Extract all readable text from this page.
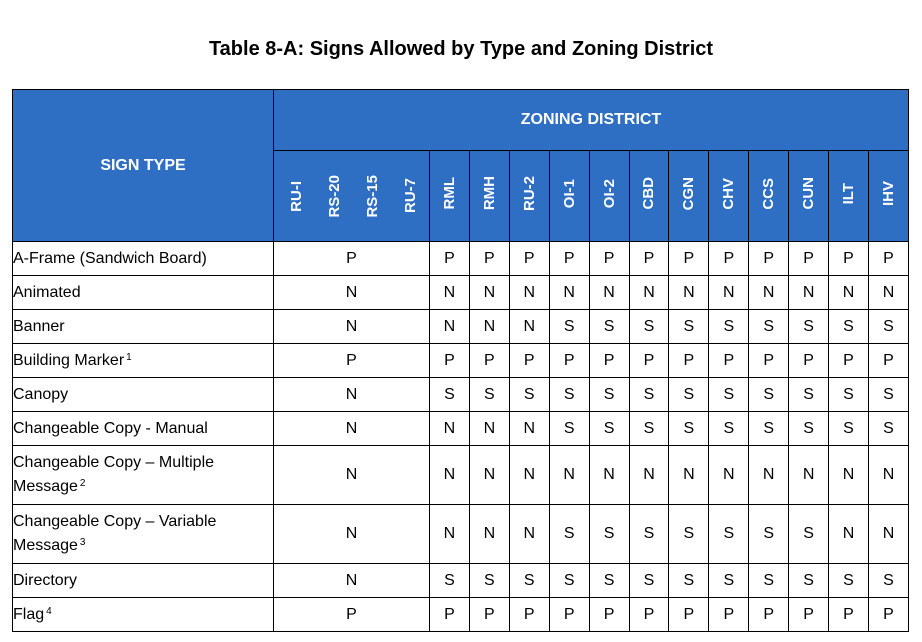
Table 8-A: Signs Allowed by Type and Zoning District
SIGN TYPE	ZONING DISTRICT												

	RU-I RS-20 RS-15 RU-7	RML	RMH	RU-2	OI-1	OI-2	CBD	CGN	CHV	CCS	CUN	ILT	IHV
A-Frame (Sandwich Board)	P	P	P	P	P	P	P	P	P	P	P	P	P
Animated	N	N	N	N	N	N	N	N	N	N	N	N	N
Banner	N	N	N	N	S	S	S	S	S	S	S	S	S
Building Marker $^1$	P	P	P	P	P	P	P	P	P	P	P	P	P
Canopy	N	S	S	S	S	S	S	S	S	S	S	S	S
Changeable Copy - Manual	N	N	N	N	S	S	S	S	S	S	S	S	S
Changeable Copy – Multiple Message $^2$	N	N	N	N	N	N	N	N	N	N	N	N	N
Changeable Copy – Variable Message $^3$	N	N	N	N	S	S	S	S	S	S	S	N	N
Directory	N	S	S	S	S	S	S	S	S	S	S	S	S
Flag $^4$	P	P	P	P	P	P	P	P	P	P	P	P	P
